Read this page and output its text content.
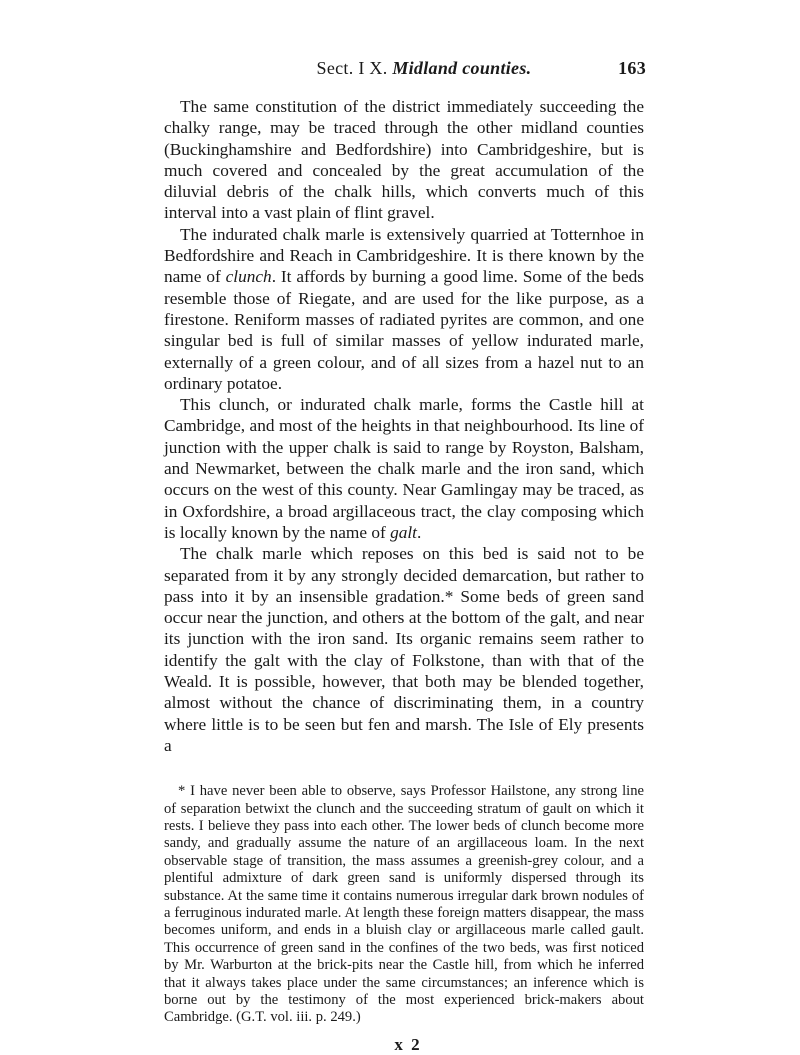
Sect. I X. Midland counties.	163

The same constitution of the district immediately succeeding the chalky range, may be traced through the other midland counties (Buckinghamshire and Bedfordshire) into Cambridgeshire, but is much covered and concealed by the great accumulation of the diluvial debris of the chalk hills, which converts much of this interval into a vast plain of flint gravel.

The indurated chalk marle is extensively quarried at Totternhoe in Bedfordshire and Reach in Cambridgeshire. It is there known by the name of clunch. It affords by burning a good lime. Some of the beds resemble those of Riegate, and are used for the like purpose, as a firestone. Reniform masses of radiated pyrites are common, and one singular bed is full of similar masses of yellow indurated marle, externally of a green colour, and of all sizes from a hazel nut to an ordinary potatoe.

This clunch, or indurated chalk marle, forms the Castle hill at Cambridge, and most of the heights in that neighbourhood. Its line of junction with the upper chalk is said to range by Royston, Balsham, and Newmarket, between the chalk marle and the iron sand, which occurs on the west of this county. Near Gamlingay may be traced, as in Oxfordshire, a broad argillaceous tract, the clay composing which is locally known by the name of galt.

The chalk marle which reposes on this bed is said not to be separated from it by any strongly decided demarcation, but rather to pass into it by an insensible gradation.* Some beds of green sand occur near the junction, and others at the bottom of the galt, and near its junction with the iron sand. Its organic remains seem rather to identify the galt with the clay of Folkstone, than with that of the Weald. It is possible, however, that both may be blended together, almost without the chance of discriminating them, in a country where little is to be seen but fen and marsh. The Isle of Ely presents a

* I have never been able to observe, says Professor Hailstone, any strong line of separation betwixt the clunch and the succeeding stratum of gault on which it rests. I believe they pass into each other. The lower beds of clunch become more sandy, and gradually assume the nature of an argillaceous loam. In the next observable stage of transition, the mass assumes a greenish-grey colour, and a plentiful admixture of dark green sand is uniformly dispersed through its substance. At the same time it contains numerous irregular dark brown nodules of a ferruginous indurated marle. At length these foreign matters disappear, the mass becomes uniform, and ends in a bluish clay or argillaceous marle called gault. This occurrence of green sand in the confines of the two beds, was first noticed by Mr. Warburton at the brick-pits near the Castle hill, from which he inferred that it always takes place under the same circumstances; an inference which is borne out by the testimony of the most experienced brick-makers about Cambridge. (G.T. vol. iii. p. 249.)

x 2
